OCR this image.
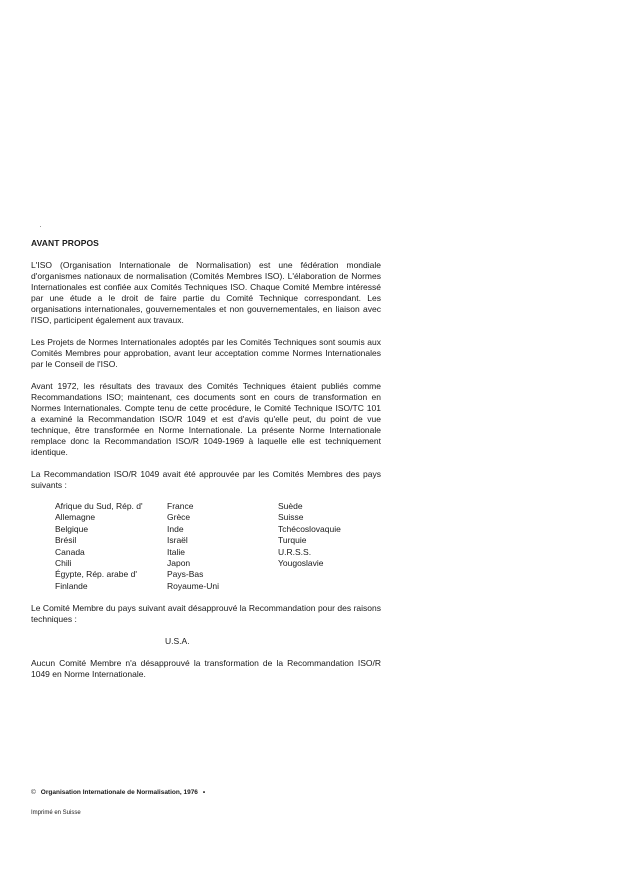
AVANT PROPOS

L'ISO (Organisation Internationale de Normalisation) est une fédération mondiale d'organismes nationaux de normalisation (Comités Membres ISO). L'élaboration de Normes Internationales est confiée aux Comités Techniques ISO. Chaque Comité Membre intéressé par une étude a le droit de faire partie du Comité Technique correspondant. Les organisations internationales, gouvernementales et non gouvernementales, en liaison avec l'ISO, participent également aux travaux.

Les Projets de Normes Internationales adoptés par les Comités Techniques sont soumis aux Comités Membres pour approbation, avant leur acceptation comme Normes Internationales par le Conseil de l'ISO.

Avant 1972, les résultats des travaux des Comités Techniques étaient publiés comme Recommandations ISO; maintenant, ces documents sont en cours de transformation en Normes Internationales. Compte tenu de cette procédure, le Comité Technique ISO/TC 101 a examiné la Recommandation ISO/R 1049 et est d'avis qu'elle peut, du point de vue technique, être transformée en Norme Internationale. La présente Norme Internationale remplace donc la Recommandation ISO/R 1049-1969 à laquelle elle est techniquement identique.

La Recommandation ISO/R 1049 avait été approuvée par les Comités Membres des pays suivants :

Afrique du Sud, Rép. d'
Allemagne
Belgique
Brésil
Canada
Chili
Égypte, Rép. arabe d'
Finlande
France
Grèce
Inde
Israël
Italie
Japon
Pays-Bas
Royaume-Uni
Suède
Suisse
Tchécoslovaquie
Turquie
U.R.S.S.
Yougoslavie

Le Comité Membre du pays suivant avait désapprouvé la Recommandation pour des raisons techniques :

U.S.A.

Aucun Comité Membre n'a désapprouvé la transformation de la Recommandation ISO/R 1049 en Norme Internationale.

© Organisation Internationale de Normalisation, 1976 •
Imprimé en Suisse
